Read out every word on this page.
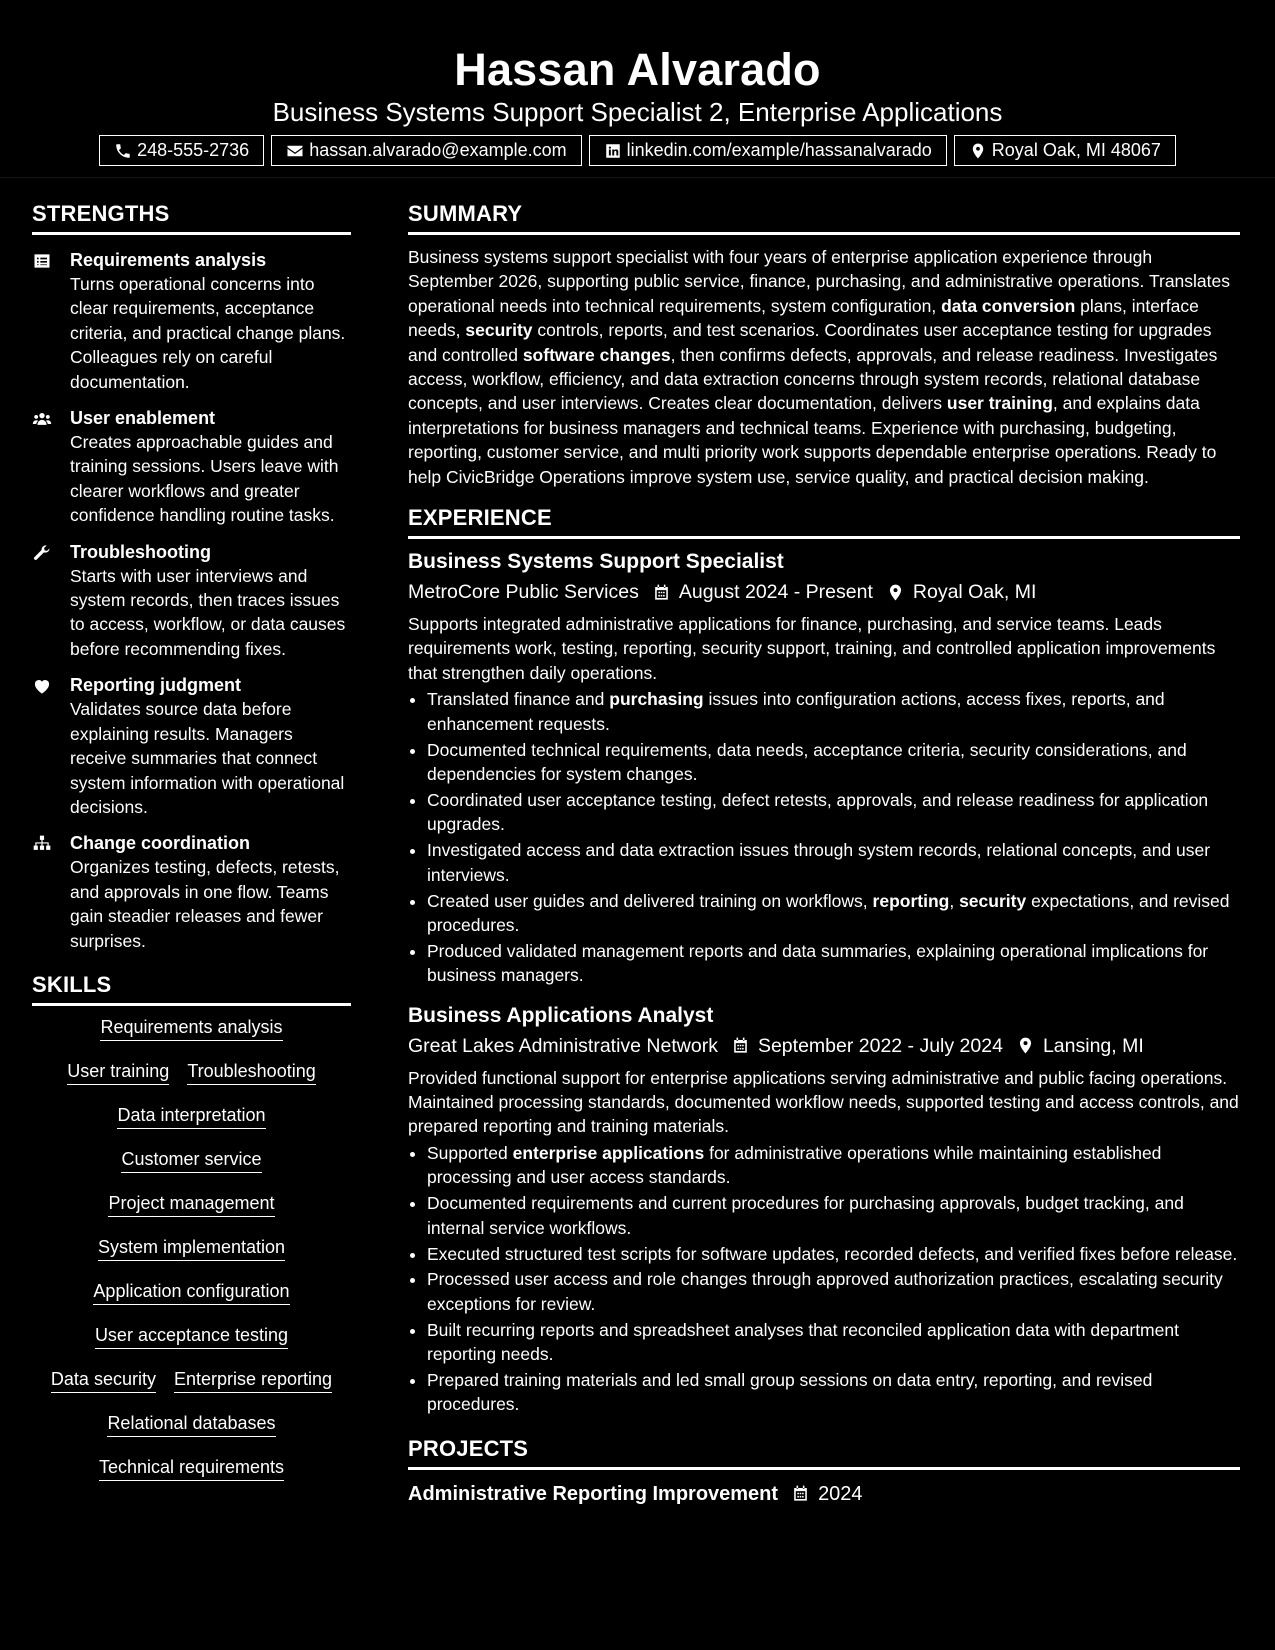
Hassan Alvarado
Business Systems Support Specialist 2, Enterprise Applications
248-555-2736	hassan.alvarado@example.com	linkedin.com/example/hassanalvarado	Royal Oak, MI 48067
STRENGTHS
Requirements analysis
Turns operational concerns into clear requirements, acceptance criteria, and practical change plans. Colleagues rely on careful documentation.
User enablement
Creates approachable guides and training sessions. Users leave with clearer workflows and greater confidence handling routine tasks.
Troubleshooting
Starts with user interviews and system records, then traces issues to access, workflow, or data causes before recommending fixes.
Reporting judgment
Validates source data before explaining results. Managers receive summaries that connect system information with operational decisions.
Change coordination
Organizes testing, defects, retests, and approvals in one flow. Teams gain steadier releases and fewer surprises.
SKILLS
Requirements analysis
User training Troubleshooting
Data interpretation
Customer service
Project management
System implementation
Application configuration
User acceptance testing
Data security Enterprise reporting
Relational databases
Technical requirements
SUMMARY
Business systems support specialist with four years of enterprise application experience through September 2026, supporting public service, finance, purchasing, and administrative operations. Translates operational needs into technical requirements, system configuration, data conversion plans, interface needs, security controls, reports, and test scenarios. Coordinates user acceptance testing for upgrades and controlled software changes, then confirms defects, approvals, and release readiness. Investigates access, workflow, efficiency, and data extraction concerns through system records, relational database concepts, and user interviews. Creates clear documentation, delivers user training, and explains data interpretations for business managers and technical teams. Experience with purchasing, budgeting, reporting, customer service, and multi priority work supports dependable enterprise operations. Ready to help CivicBridge Operations improve system use, service quality, and practical decision making.
EXPERIENCE
Business Systems Support Specialist
MetroCore Public Services August 2024 - Present Royal Oak, MI
Supports integrated administrative applications for finance, purchasing, and service teams. Leads requirements work, testing, reporting, security support, training, and controlled application improvements that strengthen daily operations.
• Translated finance and purchasing issues into configuration actions, access fixes, reports, and enhancement requests.
• Documented technical requirements, data needs, acceptance criteria, security considerations, and dependencies for system changes.
• Coordinated user acceptance testing, defect retests, approvals, and release readiness for application upgrades.
• Investigated access and data extraction issues through system records, relational concepts, and user interviews.
• Created user guides and delivered training on workflows, reporting, security expectations, and revised procedures.
• Produced validated management reports and data summaries, explaining operational implications for business managers.
Business Applications Analyst
Great Lakes Administrative Network September 2022 - July 2024 Lansing, MI
Provided functional support for enterprise applications serving administrative and public facing operations. Maintained processing standards, documented workflow needs, supported testing and access controls, and prepared reporting and training materials.
• Supported enterprise applications for administrative operations while maintaining established processing and user access standards.
• Documented requirements and current procedures for purchasing approvals, budget tracking, and internal service workflows.
• Executed structured test scripts for software updates, recorded defects, and verified fixes before release.
• Processed user access and role changes through approved authorization practices, escalating security exceptions for review.
• Built recurring reports and spreadsheet analyses that reconciled application data with department reporting needs.
• Prepared training materials and led small group sessions on data entry, reporting, and revised procedures.
PROJECTS
Administrative Reporting Improvement 2024
